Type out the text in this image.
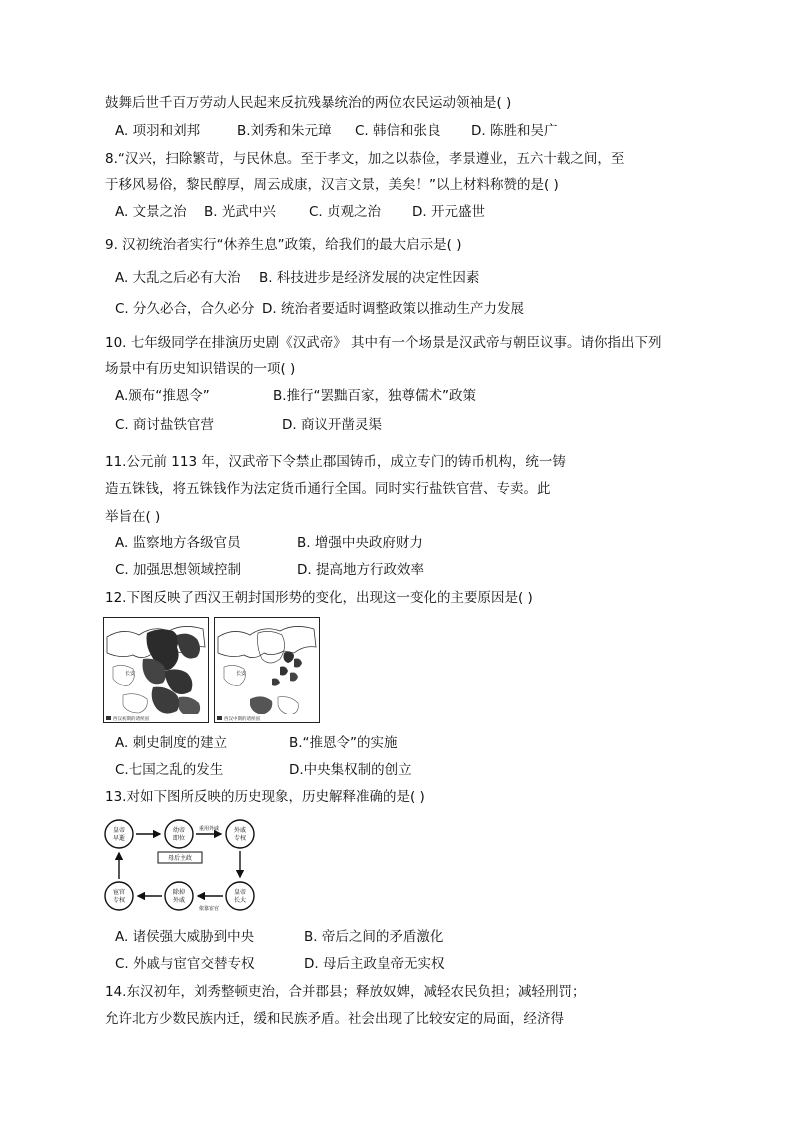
鼓舞后世千百万劳动人民起来反抗残暴统治的两位农民运动领袖是( )
A. 项羽和刘邦	B.刘秀和朱元璋 C. 韩信和张良 D. 陈胜和吴广
8.“汉兴，扫除繁苛，与民休息。至于孝文，加之以恭俭，孝景遵业，五六十载之间，至
于移风易俗，黎民醇厚，周云成康，汉言文景，美矣！”以上材料称赞的是( )
A. 文景之治 B. 光武中兴 C. 贞观之治 D. 开元盛世
9. 汉初统治者实行“休养生息”政策，给我们的最大启示是( )
A. 大乱之后必有大治 B. 科技进步是经济发展的决定性因素
C. 分久必合，合久必分 D. 统治者要适时调整政策以推动生产力发展
10. 七年级同学在排演历史剧《汉武帝》 其中有一个场景是汉武帝与朝臣议事。请你指出下列
场景中有历史知识错误的一项( )
A.颁布“推恩令”	B.推行“罢黜百家，独尊儒术”政策
C. 商讨盐铁官营	D. 商议开凿灵渠
11.公元前 113 年，汉武帝下令禁止郡国铸币，成立专门的铸币机构，统一铸
造五铢钱，将五铢钱作为法定货币通行全国。同时实行盐铁官营、专卖。此
举旨在( )
A. 监察地方各级官员	B. 增强中央政府财力
C. 加强思想领域控制	D. 提高地方行政效率
12.下图反映了西汉王朝封国形势的变化，出现这一变化的主要原因是( )
长安
西汉初期的诸侯国
长安
西汉中期的诸侯国
A. 刺史制度的建立	B.“推恩令”的实施
C.七国之乱的发生	D.中央集权制的创立
13.对如下图所反映的历史现象，历史解释准确的是( )
皇帝
早逝
幼帝
即位
外戚
专权
皇帝
长大
除掉
外戚
宦官
专权
重用外戚
依靠宦官
母后主政
A. 诸侯强大威胁到中央	B. 帝后之间的矛盾激化
C. 外戚与宦官交替专权	D. 母后主政皇帝无实权
14.东汉初年，刘秀整顿吏治，合并郡县；释放奴婢，减轻农民负担；减轻刑罚；
允许北方少数民族内迁，缓和民族矛盾。社会出现了比较安定的局面，经济得
